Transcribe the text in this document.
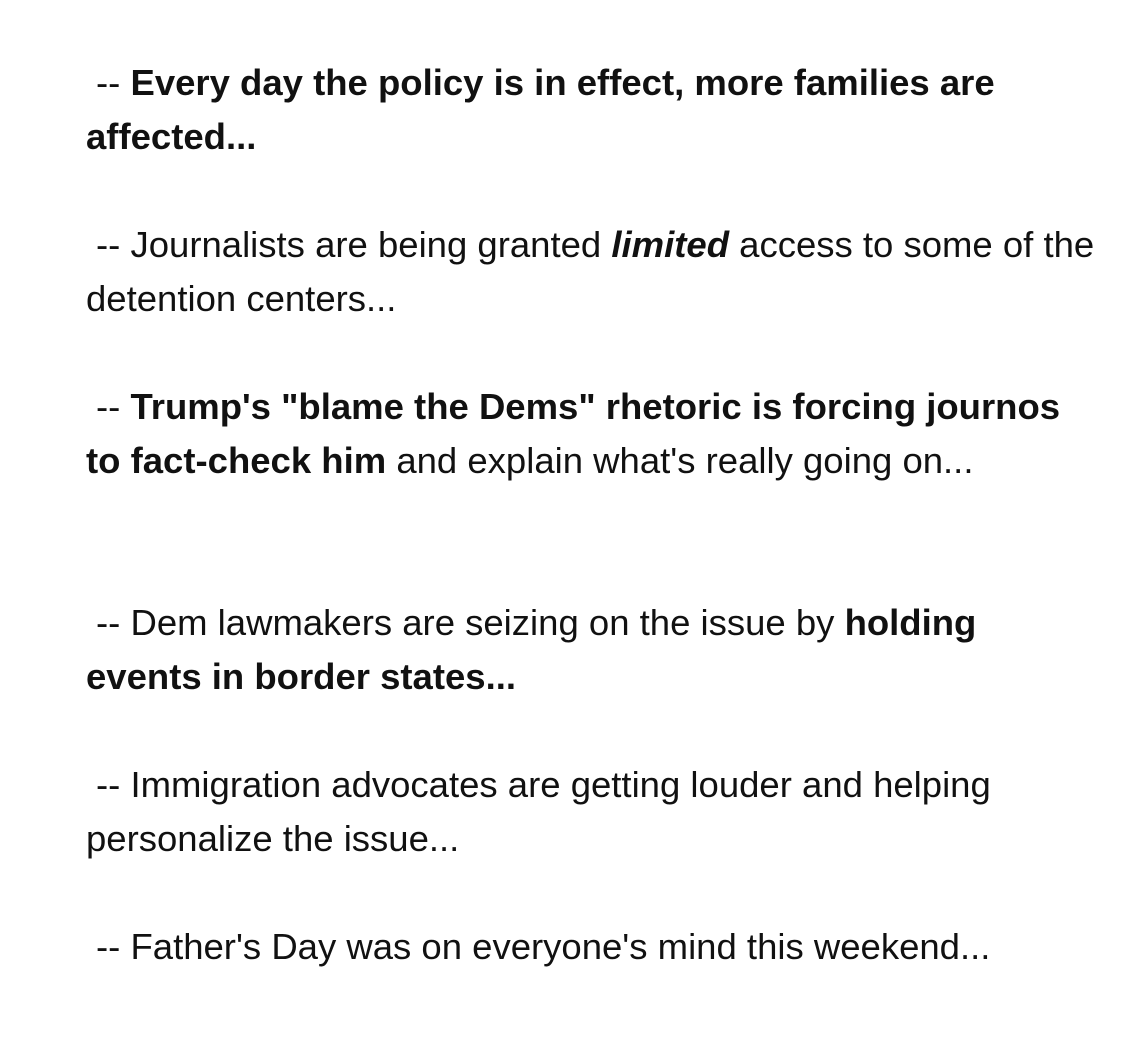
-- Every day the policy is in effect, more families are affected...

-- Journalists are being granted limited access to some of the detention centers...

-- Trump's "blame the Dems" rhetoric is forcing journos to fact-check him and explain what's really going on...

-- Dem lawmakers are seizing on the issue by holding events in border states...

-- Immigration advocates are getting louder and helping personalize the issue...

-- Father's Day was on everyone's mind this weekend...
